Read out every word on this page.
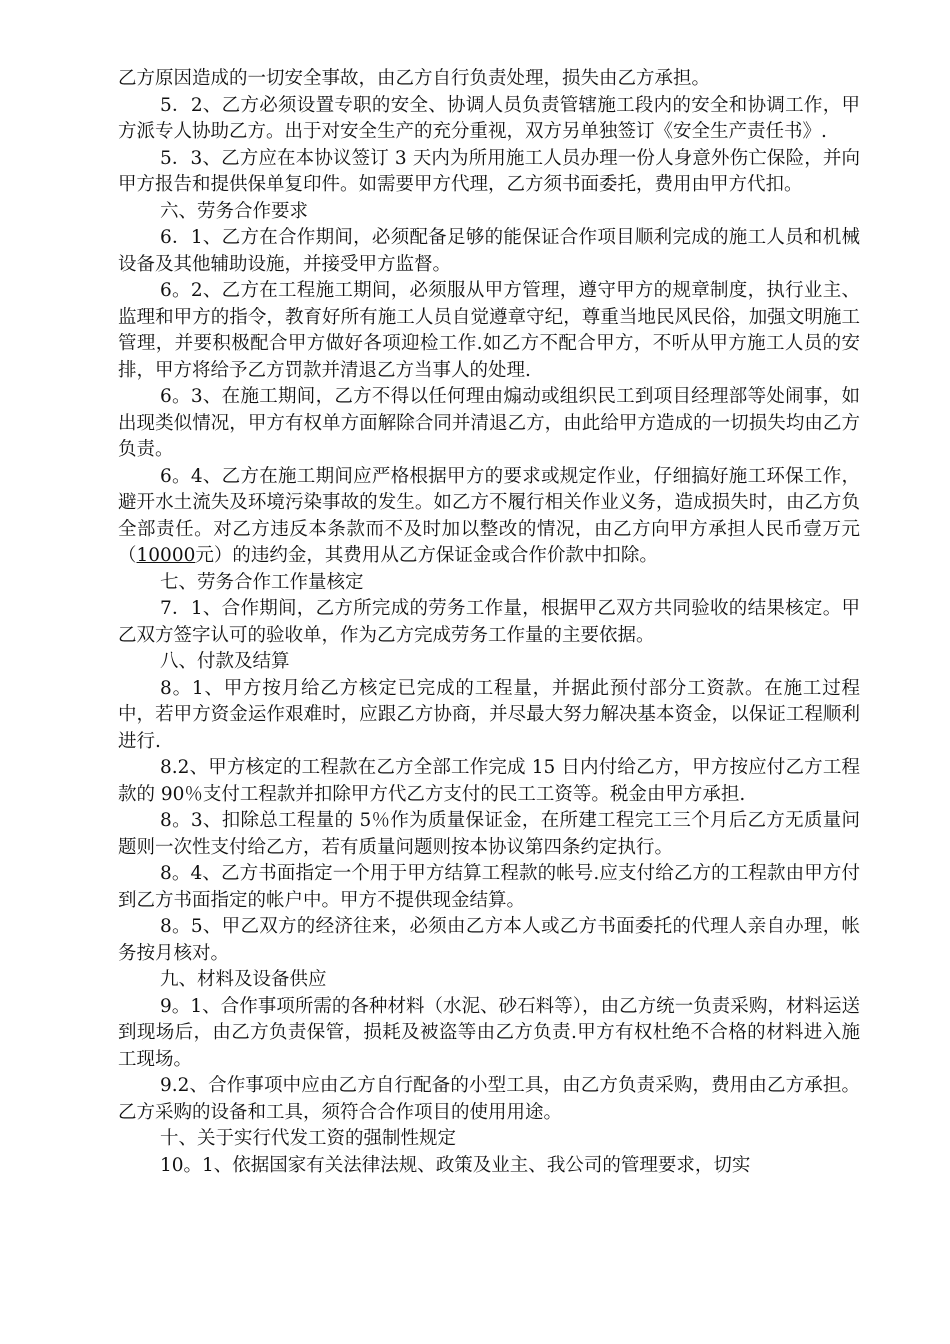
乙方原因造成的一切安全事故，由乙方自行负责处理，损失由乙方承担。

5．2、乙方必须设置专职的安全、协调人员负责管辖施工段内的安全和协调工作，甲方派专人协助乙方。出于对安全生产的充分重视，双方另单独签订《安全生产责任书》.

5．3、乙方应在本协议签订 3 天内为所用施工人员办理一份人身意外伤亡保险，并向甲方报告和提供保单复印件。如需要甲方代理，乙方须书面委托，费用由甲方代扣。

六、劳务合作要求

6．1、乙方在合作期间，必须配备足够的能保证合作项目顺利完成的施工人员和机械设备及其他辅助设施，并接受甲方监督。

6。2、乙方在工程施工期间，必须服从甲方管理，遵守甲方的规章制度，执行业主、监理和甲方的指令，教育好所有施工人员自觉遵章守纪，尊重当地民风民俗，加强文明施工管理，并要积极配合甲方做好各项迎检工作.如乙方不配合甲方，不听从甲方施工人员的安排，甲方将给予乙方罚款并清退乙方当事人的处理.

6。3、在施工期间，乙方不得以任何理由煽动或组织民工到项目经理部等处闹事，如出现类似情况，甲方有权单方面解除合同并清退乙方，由此给甲方造成的一切损失均由乙方负责。

6。4、乙方在施工期间应严格根据甲方的要求或规定作业，仔细搞好施工环保工作，避开水土流失及环境污染事故的发生。如乙方不履行相关作业义务，造成损失时，由乙方负全部责任。对乙方违反本条款而不及时加以整改的情况，由乙方向甲方承担人民币壹万元（10000元）的违约金，其费用从乙方保证金或合作价款中扣除。

七、劳务合作工作量核定

7．1、合作期间，乙方所完成的劳务工作量，根据甲乙双方共同验收的结果核定。甲乙双方签字认可的验收单，作为乙方完成劳务工作量的主要依据。

八、付款及结算

8。1、甲方按月给乙方核定已完成的工程量，并据此预付部分工资款。在施工过程中，若甲方资金运作艰难时，应跟乙方协商，并尽最大努力解决基本资金，以保证工程顺利进行.

8.2、甲方核定的工程款在乙方全部工作完成 15 日内付给乙方，甲方按应付乙方工程款的 90％支付工程款并扣除甲方代乙方支付的民工工资等。税金由甲方承担.

8。3、扣除总工程量的 5％作为质量保证金，在所建工程完工三个月后乙方无质量问题则一次性支付给乙方，若有质量问题则按本协议第四条约定执行。

8。4、乙方书面指定一个用于甲方结算工程款的帐号.应支付给乙方的工程款由甲方付到乙方书面指定的帐户中。甲方不提供现金结算。

8。5、甲乙双方的经济往来，必须由乙方本人或乙方书面委托的代理人亲自办理，帐务按月核对。

九、材料及设备供应

9。1、合作事项所需的各种材料（水泥、砂石料等），由乙方统一负责采购，材料运送到现场后，由乙方负责保管，损耗及被盗等由乙方负责.甲方有权杜绝不合格的材料进入施工现场。

9.2、合作事项中应由乙方自行配备的小型工具，由乙方负责采购，费用由乙方承担。乙方采购的设备和工具，须符合合作项目的使用用途。

十、关于实行代发工资的强制性规定

10。1、依据国家有关法律法规、政策及业主、我公司的管理要求，切实
